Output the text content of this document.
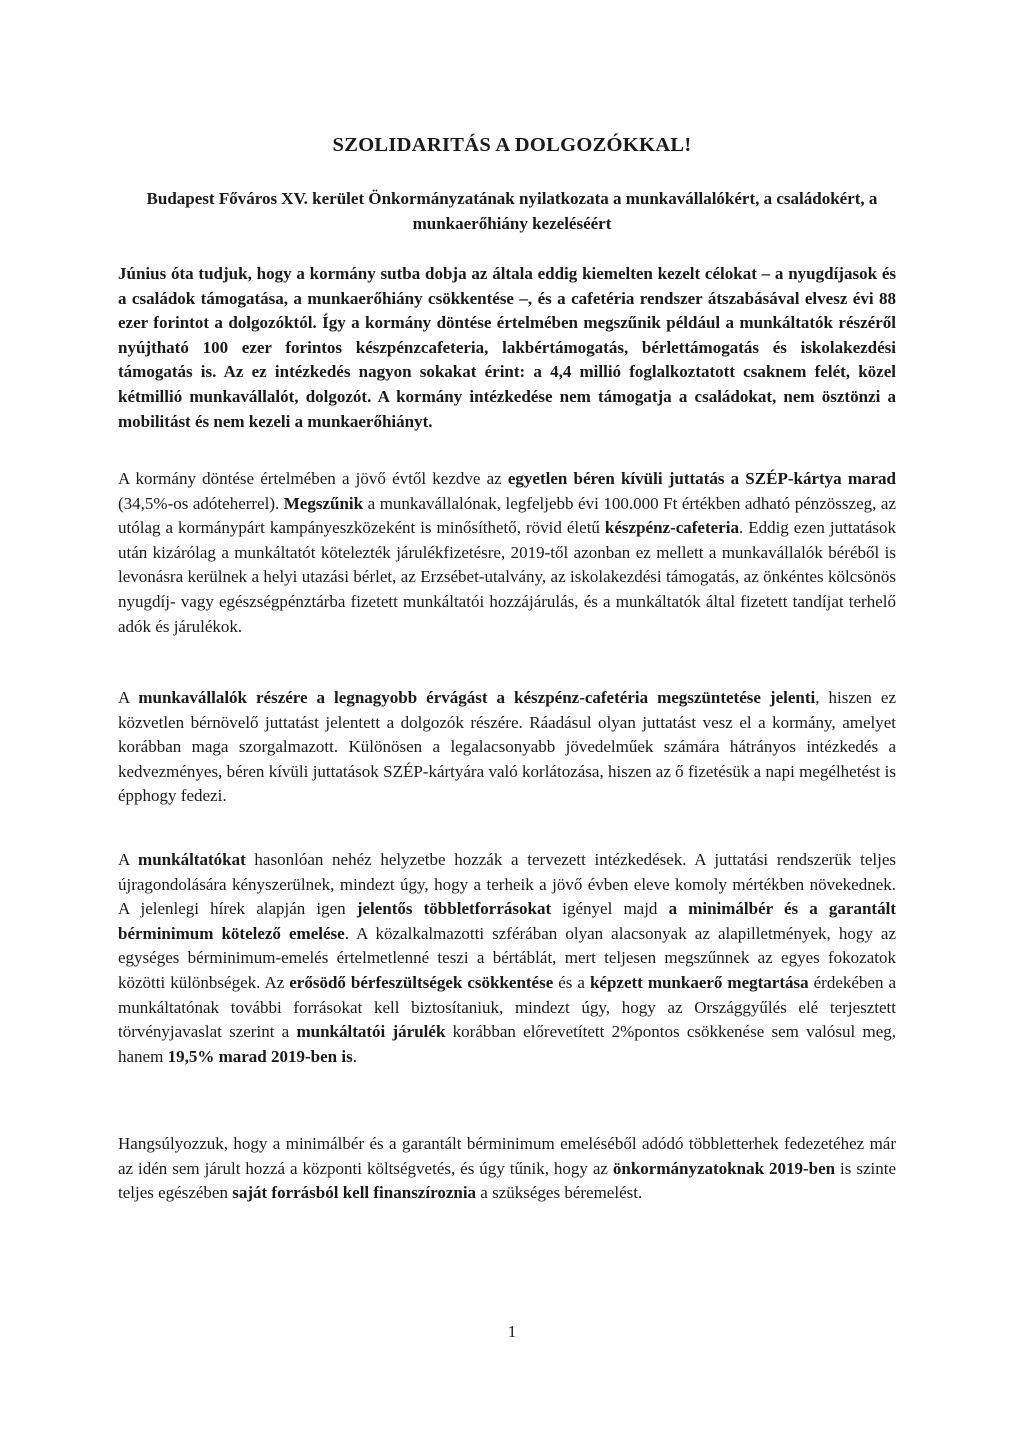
SZOLIDARITÁS A DOLGOZÓKKAL!
Budapest Főváros XV. kerület Önkormányzatának nyilatkozata a munkavállalókért, a családokért, a munkaerőhiány kezeléséért
Június óta tudjuk, hogy a kormány sutba dobja az általa eddig kiemelten kezelt célokat – a nyugdíjasok és a családok támogatása, a munkaerőhiány csökkentése –, és a cafetéria rendszer átszabásával elvesz évi 88 ezer forintot a dolgozóktól. Így a kormány döntése értelmében megszűnik például a munkáltatók részéről nyújtható 100 ezer forintos készpénzcafeteria, lakbértámogatás, bérlettámogatás és iskolakezdési támogatás is. Az ez intézkedés nagyon sokakat érint: a 4,4 millió foglalkoztatott csaknem felét, közel kétmillió munkavállalót, dolgozót. A kormány intézkedése nem támogatja a családokat, nem ösztönzi a mobilitást és nem kezeli a munkaerőhiányt.
A kormány döntése értelmében a jövő évtől kezdve az egyetlen béren kívüli juttatás a SZÉP-kártya marad (34,5%-os adóteherrel). Megszűnik a munkavállalónak, legfeljebb évi 100.000 Ft értékben adható pénzösszeg, az utólag a kormánypárt kampányeszközeként is minősíthető, rövid életű készpénz-cafeteria. Eddig ezen juttatások után kizárólag a munkáltatót kötelezték járulékfizetésre, 2019-től azonban ez mellett a munkavállalók béréből is levonásra kerülnek a helyi utazási bérlet, az Erzsébet-utalvány, az iskolakezdési támogatás, az önkéntes kölcsönös nyugdíj- vagy egészségpénztárba fizetett munkáltatói hozzájárulás, és a munkáltatók által fizetett tandíjat terhelő adók és járulékok.
A munkavállalók részére a legnagyobb érvágást a készpénz-cafetéria megszüntetése jelenti, hiszen ez közvetlen bérnövelő juttatást jelentett a dolgozók részére. Ráadásul olyan juttatást vesz el a kormány, amelyet korábban maga szorgalmazott. Különösen a legalacsonyabb jövedelműek számára hátrányos intézkedés a kedvezményes, béren kívüli juttatások SZÉP-kártyára való korlátozása, hiszen az ő fizetésük a napi megélhetést is épphogy fedezi.
A munkáltatókat hasonlóan nehéz helyzetbe hozzák a tervezett intézkedések. A juttatási rendszerük teljes újragondolására kényszerülnek, mindezt úgy, hogy a terheik a jövő évben eleve komoly mértékben növekednek. A jelenlegi hírek alapján igen jelentős többletforrásokat igényel majd a minimálbér és a garantált bérminimum kötelező emelése. A közalkalmazotti szférában olyan alacsonyak az alapilletmények, hogy az egységes bérminimum-emelés értelmetlenné teszi a bértáblát, mert teljesen megszűnnek az egyes fokozatok közötti különbségek. Az erősödő bérfeszültségek csökkentése és a képzett munkaerő megtartása érdekében a munkáltatónak további forrásokat kell biztosítaniuk, mindezt úgy, hogy az Országgyűlés elé terjesztett törvényjavaslat szerint a munkáltatói járulék korábban előrevetített 2%pontos csökkenése sem valósul meg, hanem 19,5% marad 2019-ben is.
Hangsúlyozzuk, hogy a minimálbér és a garantált bérminimum emeléséből adódó többletterhek fedezetéhez már az idén sem járult hozzá a központi költségvetés, és úgy tűnik, hogy az önkormányzatoknak 2019-ben is szinte teljes egészében saját forrásból kell finanszíroznia a szükséges béremelést.
1
